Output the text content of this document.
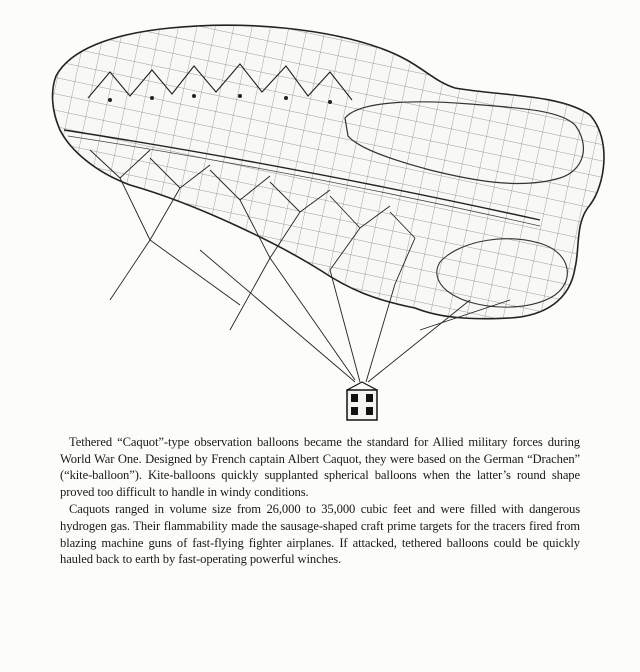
Tethered “Caquot”-type observation balloons became the standard for Allied military forces during World War One. Designed by French captain Albert Caquot, they were based on the German “Drachen” (“kite-balloon”). Kite-balloons quickly supplanted spherical balloons when the latter’s round shape proved too difficult to handle in windy conditions.

Caquots ranged in volume size from 26,000 to 35,000 cubic feet and were filled with dangerous hydrogen gas. Their flammability made the sausage-shaped craft prime targets for the tracers fired from blazing machine guns of fast-flying fighter airplanes. If attacked, tethered balloons could be quickly hauled back to earth by fast-operating powerful winches.
